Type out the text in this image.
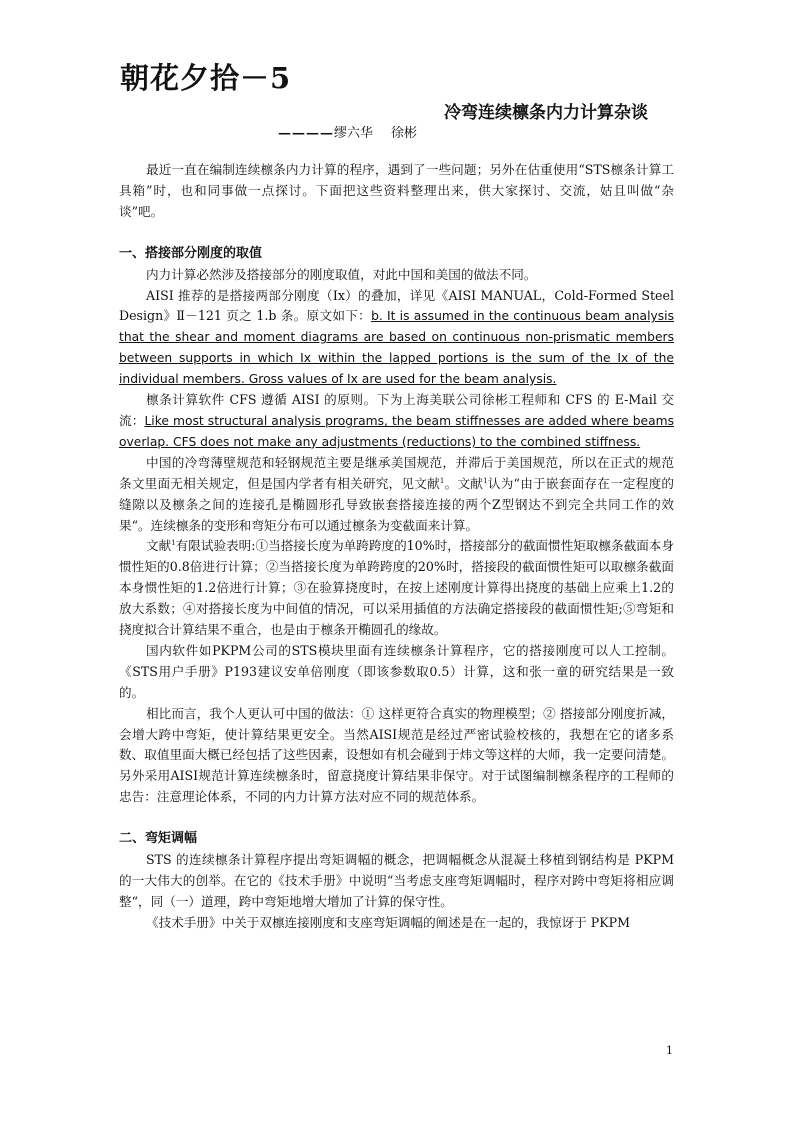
朝花夕拾－5
冷弯连续檩条内力计算杂谈
————缪六华 徐彬

最近一直在编制连续檩条内力计算的程序，遇到了一些问题；另外在估重使用“STS檩条计算工具箱”时，也和同事做一点探讨。下面把这些资料整理出来，供大家探讨、交流，姑且叫做“杂谈”吧。

一、搭接部分刚度的取值

内力计算必然涉及搭接部分的刚度取值，对此中国和美国的做法不同。

AISI 推荐的是搭接两部分刚度（Ix）的叠加，详见《AISI MANUAL，Cold-Formed Steel Design》Ⅱ－121 页之 1.b 条。原文如下：b. It is assumed in the continuous beam analysis that the shear and moment diagrams are based on continuous non-prismatic members between supports in which Ix within the lapped portions is the sum of the Ix of the individual members. Gross values of Ix are used for the beam analysis.

檩条计算软件 CFS 遵循 AISI 的原则。下为上海美联公司徐彬工程师和 CFS 的 E-Mail 交流：Like most structural analysis programs, the beam stiffnesses are added where beams overlap. CFS does not make any adjustments (reductions) to the combined stiffness.

中国的冷弯薄壁规范和轻钢规范主要是继承美国规范，并滞后于美国规范，所以在正式的规范条文里面无相关规定，但是国内学者有相关研究，见文献$^1$。文献$^1$认为“由于嵌套面存在一定程度的缝隙以及檩条之间的连接孔是椭圆形孔导致嵌套搭接连接的两个Z型钢达不到完全共同工作的效果“。连续檩条的变形和弯矩分布可以通过檩条为变截面来计算。

文献$^1$有限试验表明:①当搭接长度为单跨跨度的10%时，搭接部分的截面惯性矩取檩条截面本身惯性矩的0.8倍进行计算；②当搭接长度为单跨跨度的20%时，搭接段的截面惯性矩可以取檩条截面本身惯性矩的1.2倍进行计算；③在验算挠度时，在按上述刚度计算得出挠度的基础上应乘上1.2的放大系数；④对搭接长度为中间值的情况，可以采用插值的方法确定搭接段的截面惯性矩;⑤弯矩和挠度拟合计算结果不重合，也是由于檩条开椭圆孔的缘故。

国内软件如PKPM公司的STS模块里面有连续檩条计算程序，它的搭接刚度可以人工控制。《STS用户手册》P193建议安单倍刚度（即该参数取0.5）计算，这和张一童的研究结果是一致的。

相比而言，我个人更认可中国的做法：① 这样更符合真实的物理模型；② 搭接部分刚度折减，会增大跨中弯矩，使计算结果更安全。当然AISI规范是经过严密试验校核的，我想在它的诸多系数、取值里面大概已经包括了这些因素，设想如有机会碰到于炜文等这样的大师，我一定要问清楚。另外采用AISI规范计算连续檩条时，留意挠度计算结果非保守。对于试图编制檩条程序的工程师的忠告：注意理论体系，不同的内力计算方法对应不同的规范体系。

二、弯矩调幅

STS 的连续檩条计算程序提出弯矩调幅的概念，把调幅概念从混凝土移植到钢结构是 PKPM 的一大伟大的创举。在它的《技术手册》中说明“当考虑支座弯矩调幅时，程序对跨中弯矩将相应调整“，同（一）道理，跨中弯矩地增大增加了计算的保守性。

《技术手册》中关于双檩连接刚度和支座弯矩调幅的阐述是在一起的，我惊讶于 PKPM

1
